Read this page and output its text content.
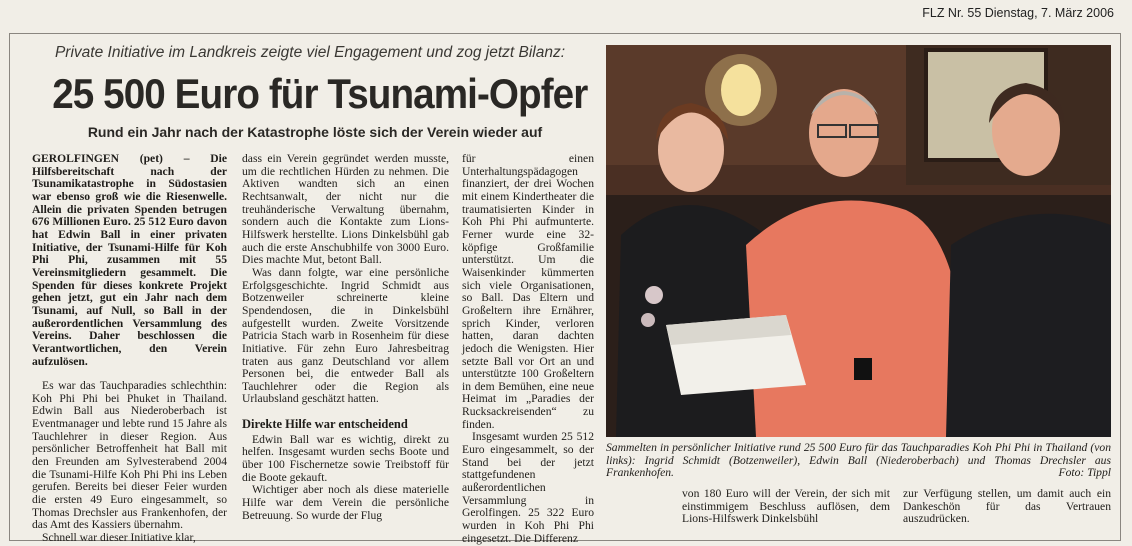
FLZ Nr. 55 Dienstag, 7. März 2006
Private Initiative im Landkreis zeigte viel Engagement und zog jetzt Bilanz:
25 500 Euro für Tsunami-Opfer
Rund ein Jahr nach der Katastrophe löste sich der Verein wieder auf

GEROLFINGEN (pet) – Die Hilfsbereitschaft nach der Tsunamikatastrophe in Südostasien war ebenso groß wie die Riesenwelle. Allein die privaten Spenden betrugen 676 Millionen Euro. 25 512 Euro davon hat Edwin Ball in einer privaten Initiative, der Tsunami-Hilfe für Koh Phi Phi, zusammen mit 55 Vereinsmitgliedern gesammelt. Die Spenden für dieses konkrete Projekt gehen jetzt, gut ein Jahr nach dem Tsunami, auf Null, so Ball in der außerordentlichen Versammlung des Vereins. Daher beschlossen die Verantwortlichen, den Verein aufzulösen.

Es war das Tauchparadies schlechthin: Koh Phi Phi bei Phuket in Thailand. Edwin Ball aus Niederoberbach ist Eventmanager und lebte rund 15 Jahre als Tauchlehrer in dieser Region. Aus persönlicher Betroffenheit hat Ball mit den Freunden am Sylvesterabend 2004 die Tsunami-Hilfe Koh Phi Phi ins Leben gerufen. Bereits bei dieser Feier wurden die ersten 49 Euro eingesammelt, so Thomas Drechsler aus Frankenhofen, der das Amt des Kassiers übernahm.

Schnell war dieser Initiative klar,

dass ein Verein gegründet werden musste, um die rechtlichen Hürden zu nehmen. Die Aktiven wandten sich an einen Rechtsanwalt, der nicht nur die treuhänderische Verwaltung übernahm, sondern auch die Kontakte zum Lions-Hilfswerk herstellte. Lions Dinkelsbühl gab auch die erste Anschubhilfe von 3000 Euro. Dies machte Mut, betont Ball.

Was dann folgte, war eine persönliche Erfolgsgeschichte. Ingrid Schmidt aus Botzenweiler schreinerte kleine Spendendosen, die in Dinkelsbühl aufgestellt wurden. Zweite Vorsitzende Patricia Stach warb in Rosenheim für diese Initiative. Für zehn Euro Jahresbeitrag traten aus ganz Deutschland vor allem Personen bei, die entweder Ball als Tauchlehrer oder die Region als Urlaubsland geschätzt hatten.

Direkte Hilfe war entscheidend

Edwin Ball war es wichtig, direkt zu helfen. Insgesamt wurden sechs Boote und über 100 Fischernetze sowie Treibstoff für die Boote gekauft.

Wichtiger aber noch als diese materielle Hilfe war dem Verein die persönliche Betreuung. So wurde der Flug

für einen Unterhaltungspädagogen finanziert, der drei Wochen mit einem Kindertheater die traumatisierten Kinder in Koh Phi Phi aufmunterte. Ferner wurde eine 32-köpfige Großfamilie unterstützt. Um die Waisenkinder kümmerten sich viele Organisationen, so Ball. Das Eltern und Großeltern ihre Ernährer, sprich Kinder, verloren hatten, daran dachten jedoch die Wenigsten. Hier setzte Ball vor Ort an und unterstützte 100 Großeltern in dem Bemühen, eine neue Heimat im „Paradies der Rucksackreisenden“ zu finden.

Insgesamt wurden 25 512 Euro eingesammelt, so der Stand bei der jetzt stattgefundenen außerordentlichen Versammlung in Gerolfingen. 25 322 Euro wurden in Koh Phi Phi eingesetzt. Die Differenz

Sammelten in persönlicher Initiative rund 25 500 Euro für das Tauchparadies Koh Phi Phi in Thailand (von links): Ingrid Schmidt (Botzenweiler), Edwin Ball (Niederoberbach) und Thomas Drechsler aus Frankenhofen.	Foto: Tippl
von 180 Euro will der Verein, der sich mit einstimmigem Beschluss auflösen, dem Lions-Hilfswerk Dinkelsbühl
zur Verfügung stellen, um damit auch ein Dankeschön für das Vertrauen auszudrücken.
